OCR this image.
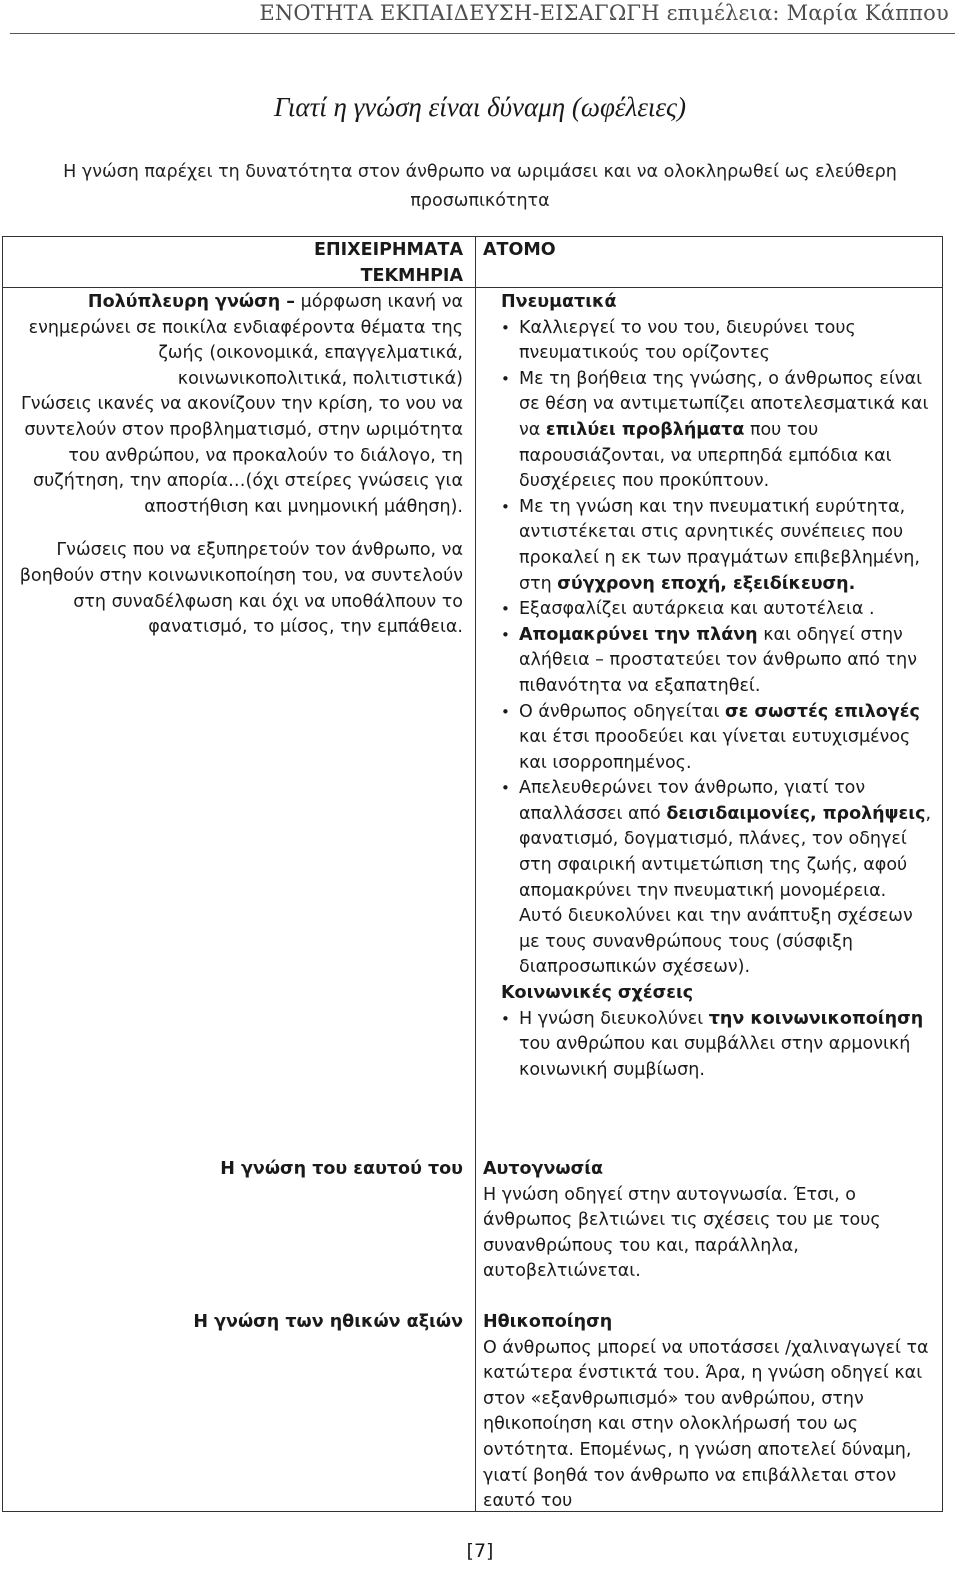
ΕΝΟΤΗΤΑ ΕΚΠΑΙΔΕΥΣΗ-ΕΙΣΑΓΩΓΗ επιμέλεια: Μαρία Κάππου
Γιατί η γνώση είναι δύναμη (ωφέλειες)
Η γνώση παρέχει τη δυνατότητα στον άνθρωπο να ωριμάσει και να ολοκληρωθεί ως ελεύθερη προσωπικότητα
ΕΠΙΧΕΙΡΗΜΑΤΑ
ΤΕΚΜΗΡΙΑ
ΑΤΟΜΟ
Πολύπλευρη γνώση – μόρφωση ικανή να ενημερώνει σε ποικίλα ενδιαφέροντα θέματα της ζωής (οικονομικά, επαγγελματικά, κοινωνικοπολιτικά, πολιτιστικά)
Γνώσεις ικανές να ακονίζουν την κρίση, το νου να συντελούν στον προβληματισμό, στην ωριμότητα του ανθρώπου, να προκαλούν το διάλογο, τη συζήτηση, την απορία…(όχι στείρες γνώσεις για αποστήθιση και μνημονική μάθηση).
Γνώσεις που να εξυπηρετούν τον άνθρωπο, να βοηθούν στην κοινωνικοποίηση του, να συντελούν στη συναδέλφωση και όχι να υποθάλπουν το φανατισμό, το μίσος, την εμπάθεια.
Πνευματικά
• Καλλιεργεί το νου του, διευρύνει τους πνευματικούς του ορίζοντες
• Με τη βοήθεια της γνώσης, ο άνθρωπος είναι σε θέση να αντιμετωπίζει αποτελεσματικά και να επιλύει προβλήματα που του παρουσιάζονται, να υπερπηδά εμπόδια και δυσχέρειες που προκύπτουν.
• Με τη γνώση και την πνευματική ευρύτητα, αντιστέκεται στις αρνητικές συνέπειες που προκαλεί η εκ των πραγμάτων επιβεβλημένη, στη σύγχρονη εποχή, εξειδίκευση.
• Εξασφαλίζει αυτάρκεια και αυτοτέλεια .
• Απομακρύνει την πλάνη και οδηγεί στην αλήθεια – προστατεύει τον άνθρωπο από την πιθανότητα να εξαπατηθεί.
• Ο άνθρωπος οδηγείται σε σωστές επιλογές και έτσι προοδεύει και γίνεται ευτυχισμένος και ισορροπημένος.
• Απελευθερώνει τον άνθρωπο, γιατί τον απαλλάσσει από δεισιδαιμονίες, προλήψεις, φανατισμό, δογματισμό, πλάνες, τον οδηγεί στη σφαιρική αντιμετώπιση της ζωής, αφού απομακρύνει την πνευματική μονομέρεια. Αυτό διευκολύνει και την ανάπτυξη σχέσεων με τους συνανθρώπους τους (σύσφιξη διαπροσωπικών σχέσεων).
Κοινωνικές σχέσεις
• Η γνώση διευκολύνει την κοινωνικοποίηση του ανθρώπου και συμβάλλει στην αρμονική κοινωνική συμβίωση.
Η γνώση του εαυτού του Αυτογνωσία
Η γνώση οδηγεί στην αυτογνωσία. Έτσι, ο άνθρωπος βελτιώνει τις σχέσεις του με τους συνανθρώπους του και, παράλληλα, αυτοβελτιώνεται.
Η γνώση των ηθικών αξιών Ηθικοποίηση
Ο άνθρωπος μπορεί να υποτάσσει /χαλιναγωγεί τα κατώτερα ένστικτά του. Άρα, η γνώση οδηγεί και στον «εξανθρωπισμό» του ανθρώπου, στην ηθικοποίηση και στην ολοκλήρωσή του ως οντότητα. Επομένως, η γνώση αποτελεί δύναμη, γιατί βοηθά τον άνθρωπο να επιβάλλεται στον εαυτό του
[7]
